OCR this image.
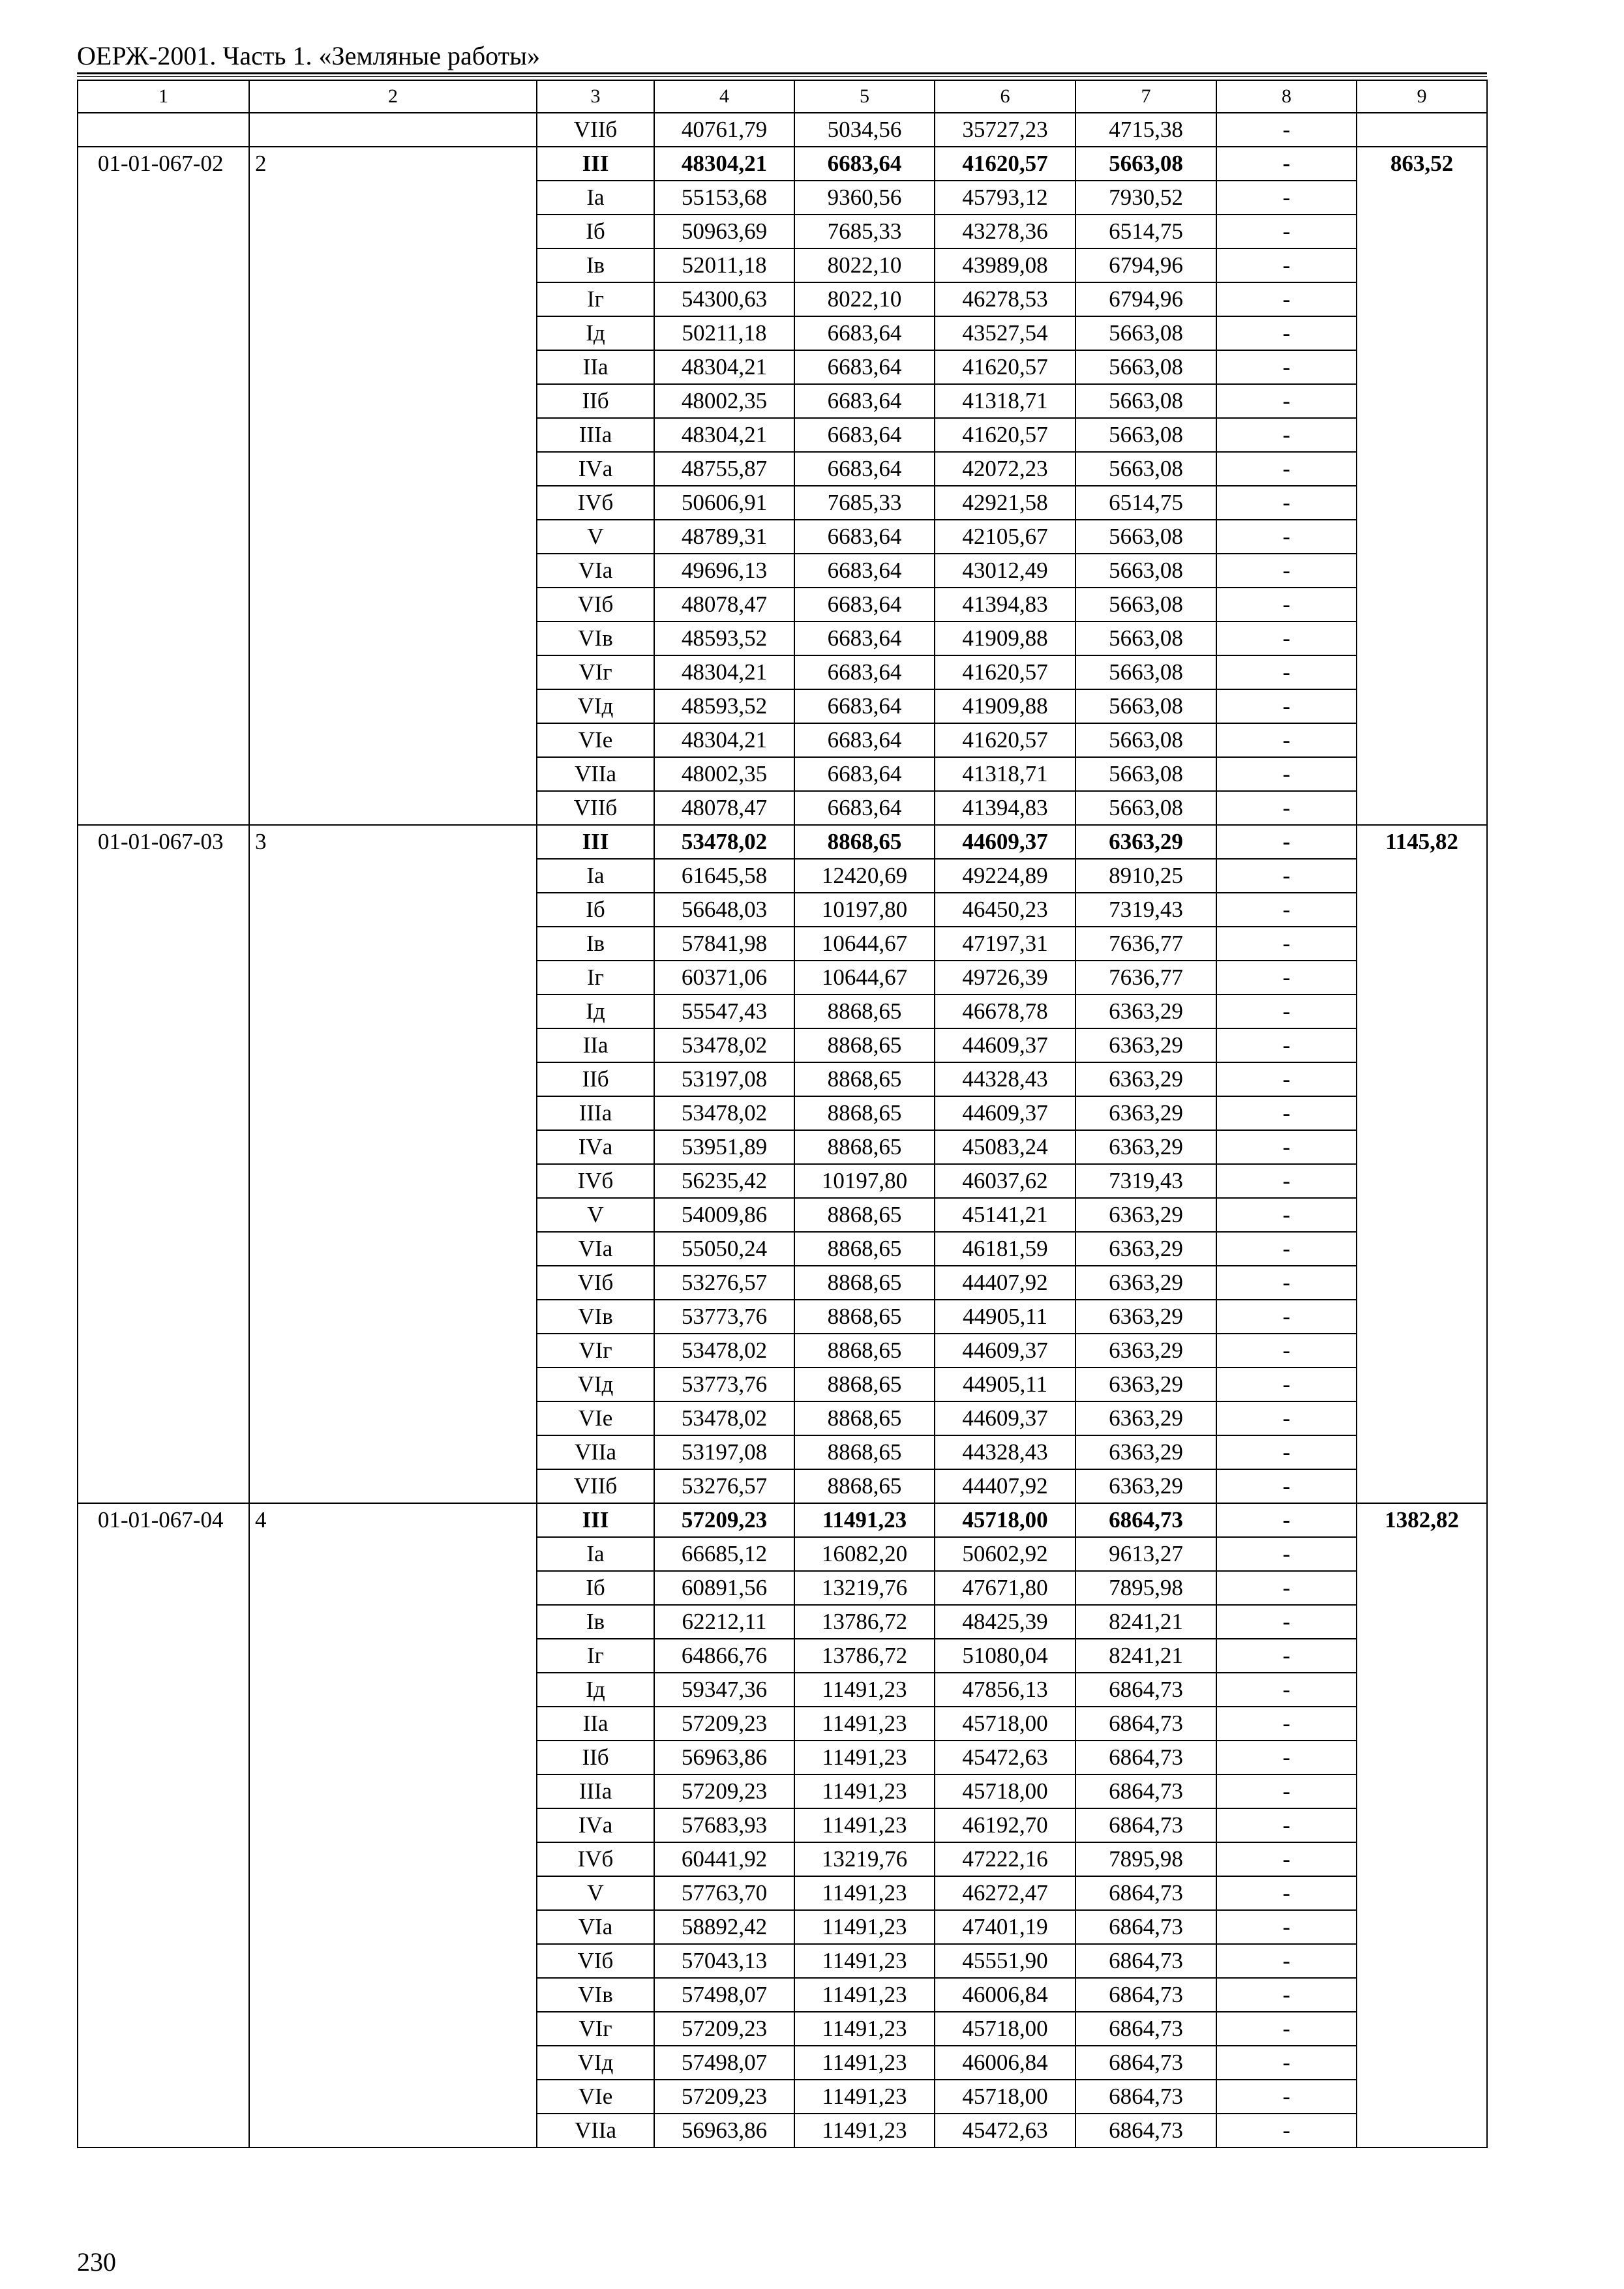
ОЕРЖ-2001. Часть 1. «Земляные работы»
1	2	3	4	5	6	7	8	9
		VIIб	40761,79	5034,56	35727,23	4715,38	-	
01-01-067-02	2	III	48304,21	6683,64	41620,57	5663,08	-	863,52
		Iа	55153,68	9360,56	45793,12	7930,52	-	
		Iб	50963,69	7685,33	43278,36	6514,75	-	
		Iв	52011,18	8022,10	43989,08	6794,96	-	
		Iг	54300,63	8022,10	46278,53	6794,96	-	
		Iд	50211,18	6683,64	43527,54	5663,08	-	
		IIа	48304,21	6683,64	41620,57	5663,08	-	
		IIб	48002,35	6683,64	41318,71	5663,08	-	
		IIIа	48304,21	6683,64	41620,57	5663,08	-	
		IVа	48755,87	6683,64	42072,23	5663,08	-	
		IVб	50606,91	7685,33	42921,58	6514,75	-	
		V	48789,31	6683,64	42105,67	5663,08	-	
		VIа	49696,13	6683,64	43012,49	5663,08	-	
		VIб	48078,47	6683,64	41394,83	5663,08	-	
		VIв	48593,52	6683,64	41909,88	5663,08	-	
		VIг	48304,21	6683,64	41620,57	5663,08	-	
		VIд	48593,52	6683,64	41909,88	5663,08	-	
		VIе	48304,21	6683,64	41620,57	5663,08	-	
		VIIа	48002,35	6683,64	41318,71	5663,08	-	
		VIIб	48078,47	6683,64	41394,83	5663,08	-	
01-01-067-03	3	III	53478,02	8868,65	44609,37	6363,29	-	1145,82
		Iа	61645,58	12420,69	49224,89	8910,25	-	
		Iб	56648,03	10197,80	46450,23	7319,43	-	
		Iв	57841,98	10644,67	47197,31	7636,77	-	
		Iг	60371,06	10644,67	49726,39	7636,77	-	
		Iд	55547,43	8868,65	46678,78	6363,29	-	
		IIа	53478,02	8868,65	44609,37	6363,29	-	
		IIб	53197,08	8868,65	44328,43	6363,29	-	
		IIIа	53478,02	8868,65	44609,37	6363,29	-	
		IVа	53951,89	8868,65	45083,24	6363,29	-	
		IVб	56235,42	10197,80	46037,62	7319,43	-	
		V	54009,86	8868,65	45141,21	6363,29	-	
		VIа	55050,24	8868,65	46181,59	6363,29	-	
		VIб	53276,57	8868,65	44407,92	6363,29	-	
		VIв	53773,76	8868,65	44905,11	6363,29	-	
		VIг	53478,02	8868,65	44609,37	6363,29	-	
		VIд	53773,76	8868,65	44905,11	6363,29	-	
		VIе	53478,02	8868,65	44609,37	6363,29	-	
		VIIа	53197,08	8868,65	44328,43	6363,29	-	
		VIIб	53276,57	8868,65	44407,92	6363,29	-	
01-01-067-04	4	III	57209,23	11491,23	45718,00	6864,73	-	1382,82
		Iа	66685,12	16082,20	50602,92	9613,27	-	
		Iб	60891,56	13219,76	47671,80	7895,98	-	
		Iв	62212,11	13786,72	48425,39	8241,21	-	
		Iг	64866,76	13786,72	51080,04	8241,21	-	
		Iд	59347,36	11491,23	47856,13	6864,73	-	
		IIа	57209,23	11491,23	45718,00	6864,73	-	
		IIб	56963,86	11491,23	45472,63	6864,73	-	
		IIIа	57209,23	11491,23	45718,00	6864,73	-	
		IVа	57683,93	11491,23	46192,70	6864,73	-	
		IVб	60441,92	13219,76	47222,16	7895,98	-	
		V	57763,70	11491,23	46272,47	6864,73	-	
		VIа	58892,42	11491,23	47401,19	6864,73	-	
		VIб	57043,13	11491,23	45551,90	6864,73	-	
		VIв	57498,07	11491,23	46006,84	6864,73	-	
		VIг	57209,23	11491,23	45718,00	6864,73	-	
		VIд	57498,07	11491,23	46006,84	6864,73	-	
		VIе	57209,23	11491,23	45718,00	6864,73	-	
		VIIа	56963,86	11491,23	45472,63	6864,73	-	
230
